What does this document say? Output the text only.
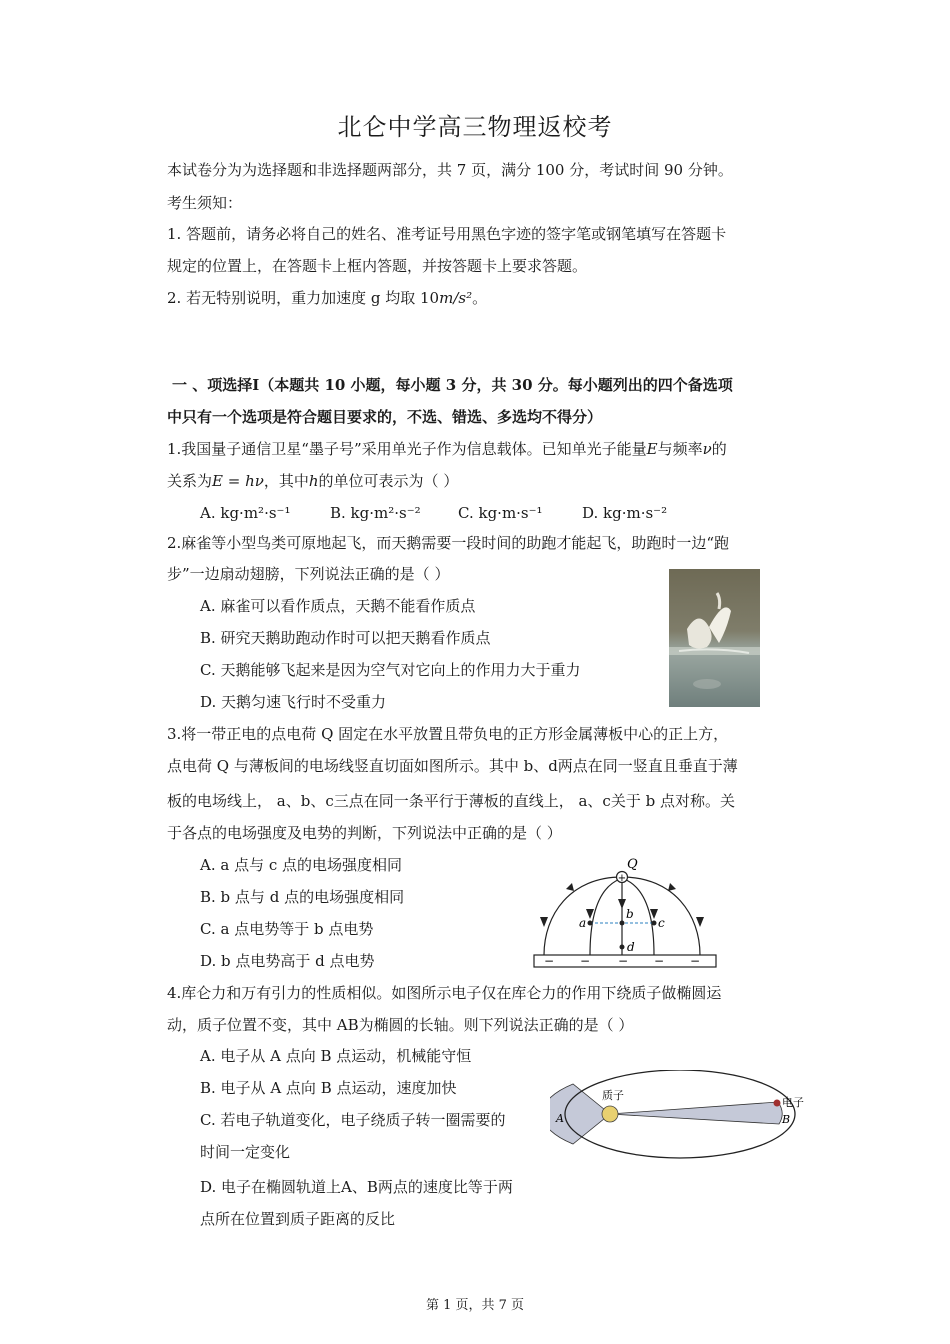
北仑中学高三物理返校考
本试卷分为为选择题和非选择题两部分，共 7 页，满分 100 分，考试时间 90 分钟。
考生须知：
1. 答题前，请务必将自己的姓名、准考证号用黑色字迹的签字笔或钢笔填写在答题卡
规定的位置上，在答题卡上框内答题，并按答题卡上要求答题。
2. 若无特别说明，重力加速度 g 均取 10m/s²。
一 、项选择Ⅰ（本题共 10 小题，每小题 3 分，共 30 分。每小题列出的四个备选项
中只有一个选项是符合题目要求的，不选、错选、多选均不得分）
1.我国量子通信卫星“墨子号”采用单光子作为信息载体。已知单光子能量E与频率ν的
关系为E = hν，其中h的单位可表示为（ ）
A. kg·m²·s⁻¹	B. kg·m²·s⁻² C. kg·m·s⁻¹	D. kg·m·s⁻²
2.麻雀等小型鸟类可原地起飞，而天鹅需要一段时间的助跑才能起飞，助跑时一边“跑
步”一边扇动翅膀，下列说法正确的是（ ）
A. 麻雀可以看作质点，天鹅不能看作质点
B. 研究天鹅助跑动作时可以把天鹅看作质点
C. 天鹅能够飞起来是因为空气对它向上的作用力大于重力
D. 天鹅匀速飞行时不受重力
3.将一带正电的点电荷 Q 固定在水平放置且带负电的正方形金属薄板中心的正上方，
点电荷 Q 与薄板间的电场线竖直切面如图所示。其中 b、d两点在同一竖直且垂直于薄
板的电场线上， a、b、c三点在同一条平行于薄板的直线上， a、c关于 b 点对称。关
于各点的电场强度及电势的判断，下列说法中正确的是（ ）
A. a 点与 c 点的电场强度相同
B. b 点与 d 点的电场强度相同
C. a 点电势等于 b 点电势
D. b 点电势高于 d 点电势
+
Q
a
b
c
d
− − − − −
4.库仑力和万有引力的性质相似。如图所示电子仅在库仑力的作用下绕质子做椭圆运
动，质子位置不变，其中 AB为椭圆的长轴。则下列说法正确的是（ ）
A. 电子从 A 点向 B 点运动，机械能守恒
B. 电子从 A 点向 B 点运动，速度加快
C. 若电子轨道变化，电子绕质子转一圈需要的
时间一定变化
D. 电子在椭圆轨道上A、B两点的速度比等于两
点所在位置到质子距离的反比
质子
电子
A	B
第 1 页，共 7 页
